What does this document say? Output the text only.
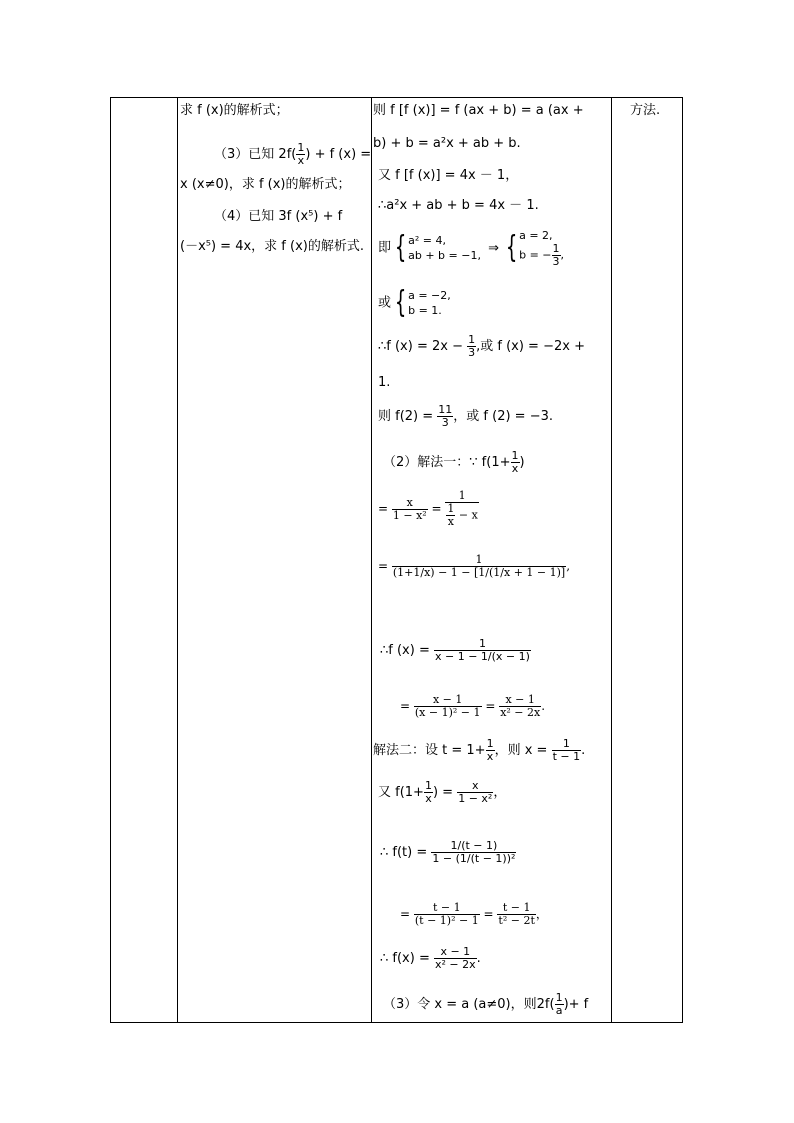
求 f (x)的解析式；
（3）已知 $2f( \frac{1}{x}$ ) + f (x) =
x (x≠0)，求 f (x)的解析式；
（4）已知 3f (x⁵) + f
(－x⁵) = 4x，求 f (x)的解析式.
则 f [f (x)] = f (ax + b) = a (ax +
b) + b = a²x + ab + b.
又 f [f (x)] = 4x － 1，
∴a²x + ab + b = 4x － 1.
即 { a² = 4,
ab + b = −1, ⇒ { a = 2,
b = − $\frac{1}{3}$ ,
或 { a = −2,
b = 1.
∴f $(x) = 2x - \frac{1}{3}$ ,或 f (x) = −2x +
1.
则 $f(2) = \frac{11}{3}$ ，或 f (2) = −3.
（2）解法一：∵ $f(1+ \frac{1}{x}$ )
= $\frac{x}{\text{1 − x²}} = \frac{1}{\frac{1}{x} - x}$
= $\frac{1}{(1+1/x) - 1 - [1/(1/x + 1 - 1)]}$ ,
∴f $(x) = \frac{1}{x - 1 - 1/(x - 1)}$
= $\frac{x - 1}{\text{(x − 1)² − 1}} = \frac{x - 1}{\text{x² − 2x}}$ .
解法二：设 $t = 1+ \frac{1}{x}$ ，则 $x = \frac{1}{t - 1}$ .
又 $f(1+ \frac{1}{x}$ ) = $\frac{x}{\text{1 − x²}}$ ，
∴ $f(t) = \frac{1/(t - 1)}{\text{1 − (1/(t − 1))²}}$
= $\frac{t - 1}{\text{(t − 1)² − 1}} = \frac{t - 1}{\text{t² − 2t}}$ ，
∴ $f(x) = \frac{x - 1}{\text{x² − 2x}}$ .
（3）令 x = a (a≠0)，则$2f( \frac{1}{a}$ )+ f
方法.
